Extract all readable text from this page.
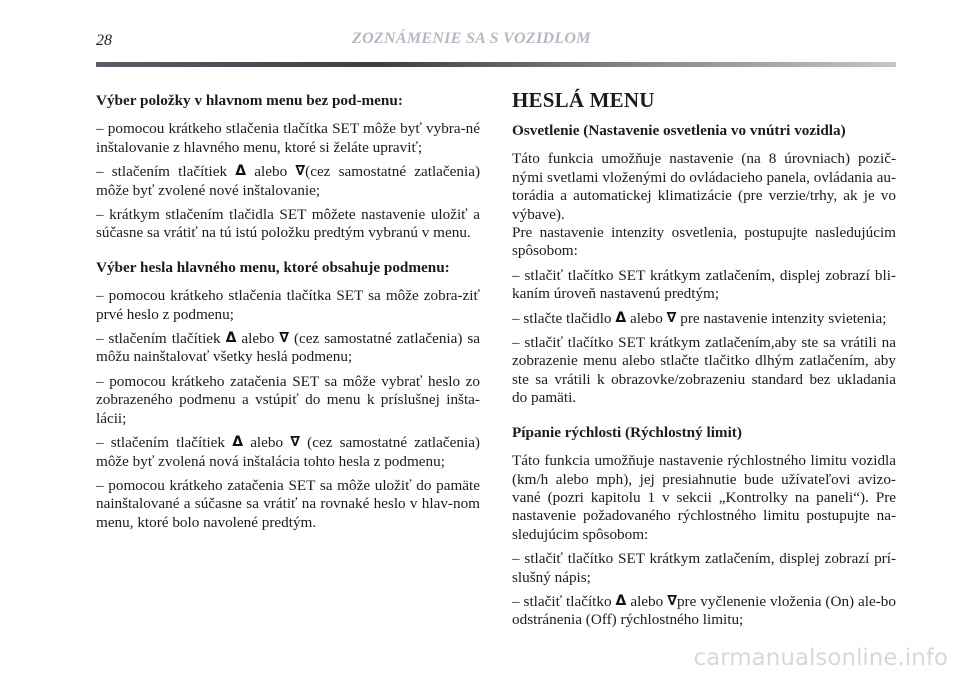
28	ZOZNÁMENIE SA S VOZIDLOM

Výber položky v hlavnom menu bez pod-menu:

– pomocou krátkeho stlačenia tlačítka SET môže byť vybra-né inštalovanie z hlavného menu, ktoré si želáte upraviť;

– stlačením tlačítiek Δ alebo ∇(cez samostatné zatlačenia) môže byť zvolené nové inštalovanie;

– krátkym stlačením tlačidla SET môžete nastavenie uložiť a súčasne sa vrátiť na tú istú položku predtým vybranú v menu.

Výber hesla hlavného menu, ktoré obsahuje podmenu:

– pomocou krátkeho stlačenia tlačítka SET sa môže zobra-ziť prvé heslo z podmenu;

– stlačením tlačítiek Δ alebo ∇ (cez samostatné zatlačenia) sa môžu nainštalovať všetky heslá podmenu;

– pomocou krátkeho zatačenia SET sa môže vybrať heslo zo zobrazeného podmenu a vstúpiť do menu k príslušnej inšta-lácii;

– stlačením tlačítiek Δ alebo ∇ (cez samostatné zatlačenia) môže byť zvolená nová inštalácia tohto hesla z podmenu;

– pomocou krátkeho zatačenia SET sa môže uložiť do pamäte nainštalované a súčasne sa vrátiť na rovnaké heslo v hlav-nom menu, ktoré bolo navolené predtým.

HESLÁ MENU

Osvetlenie (Nastavenie osvetlenia vo vnútri vozidla)

Táto funkcia umožňuje nastavenie (na 8 úrovniach) pozič-nými svetlami vloženými do ovládacieho panela, ovládania au-torádia a automatickej klimatizácie (pre verzie/trhy, ak je vo výbave).

Pre nastavenie intenzity osvetlenia, postupujte nasledujúcim spôsobom:

– stlačiť tlačítko SET krátkym zatlačením, displej zobrazí bli-kaním úroveň nastavenú predtým;

– stlačte tlačidlo Δ alebo ∇ pre nastavenie intenzity svietenia;

– stlačiť tlačítko SET krátkym zatlačením,aby ste sa vrátili na zobrazenie menu alebo stlačte tlačitko dlhým zatlačením, aby ste sa vrátili k obrazovke/zobrazeniu standard bez ukladania do pamäti.

Pípanie rýchlosti (Rýchlostný limit)

Táto funkcia umožňuje nastavenie rýchlostného limitu vozidla (km/h alebo mph), jej presiahnutie bude užívateľovi avizo-vané (pozri kapitolu 1 v sekcii „Kontrolky na paneli“). Pre nastavenie požadovaného rýchlostného limitu postupujte na-sledujúcim spôsobom:

– stlačiť tlačítko SET krátkym zatlačením, displej zobrazí prí-slušný nápis;

– stlačiť tlačítko Δ alebo ∇pre vyčlenenie vloženia (On) ale-bo odstránenia (Off) rýchlostného limitu;

carmanualsonline.info
